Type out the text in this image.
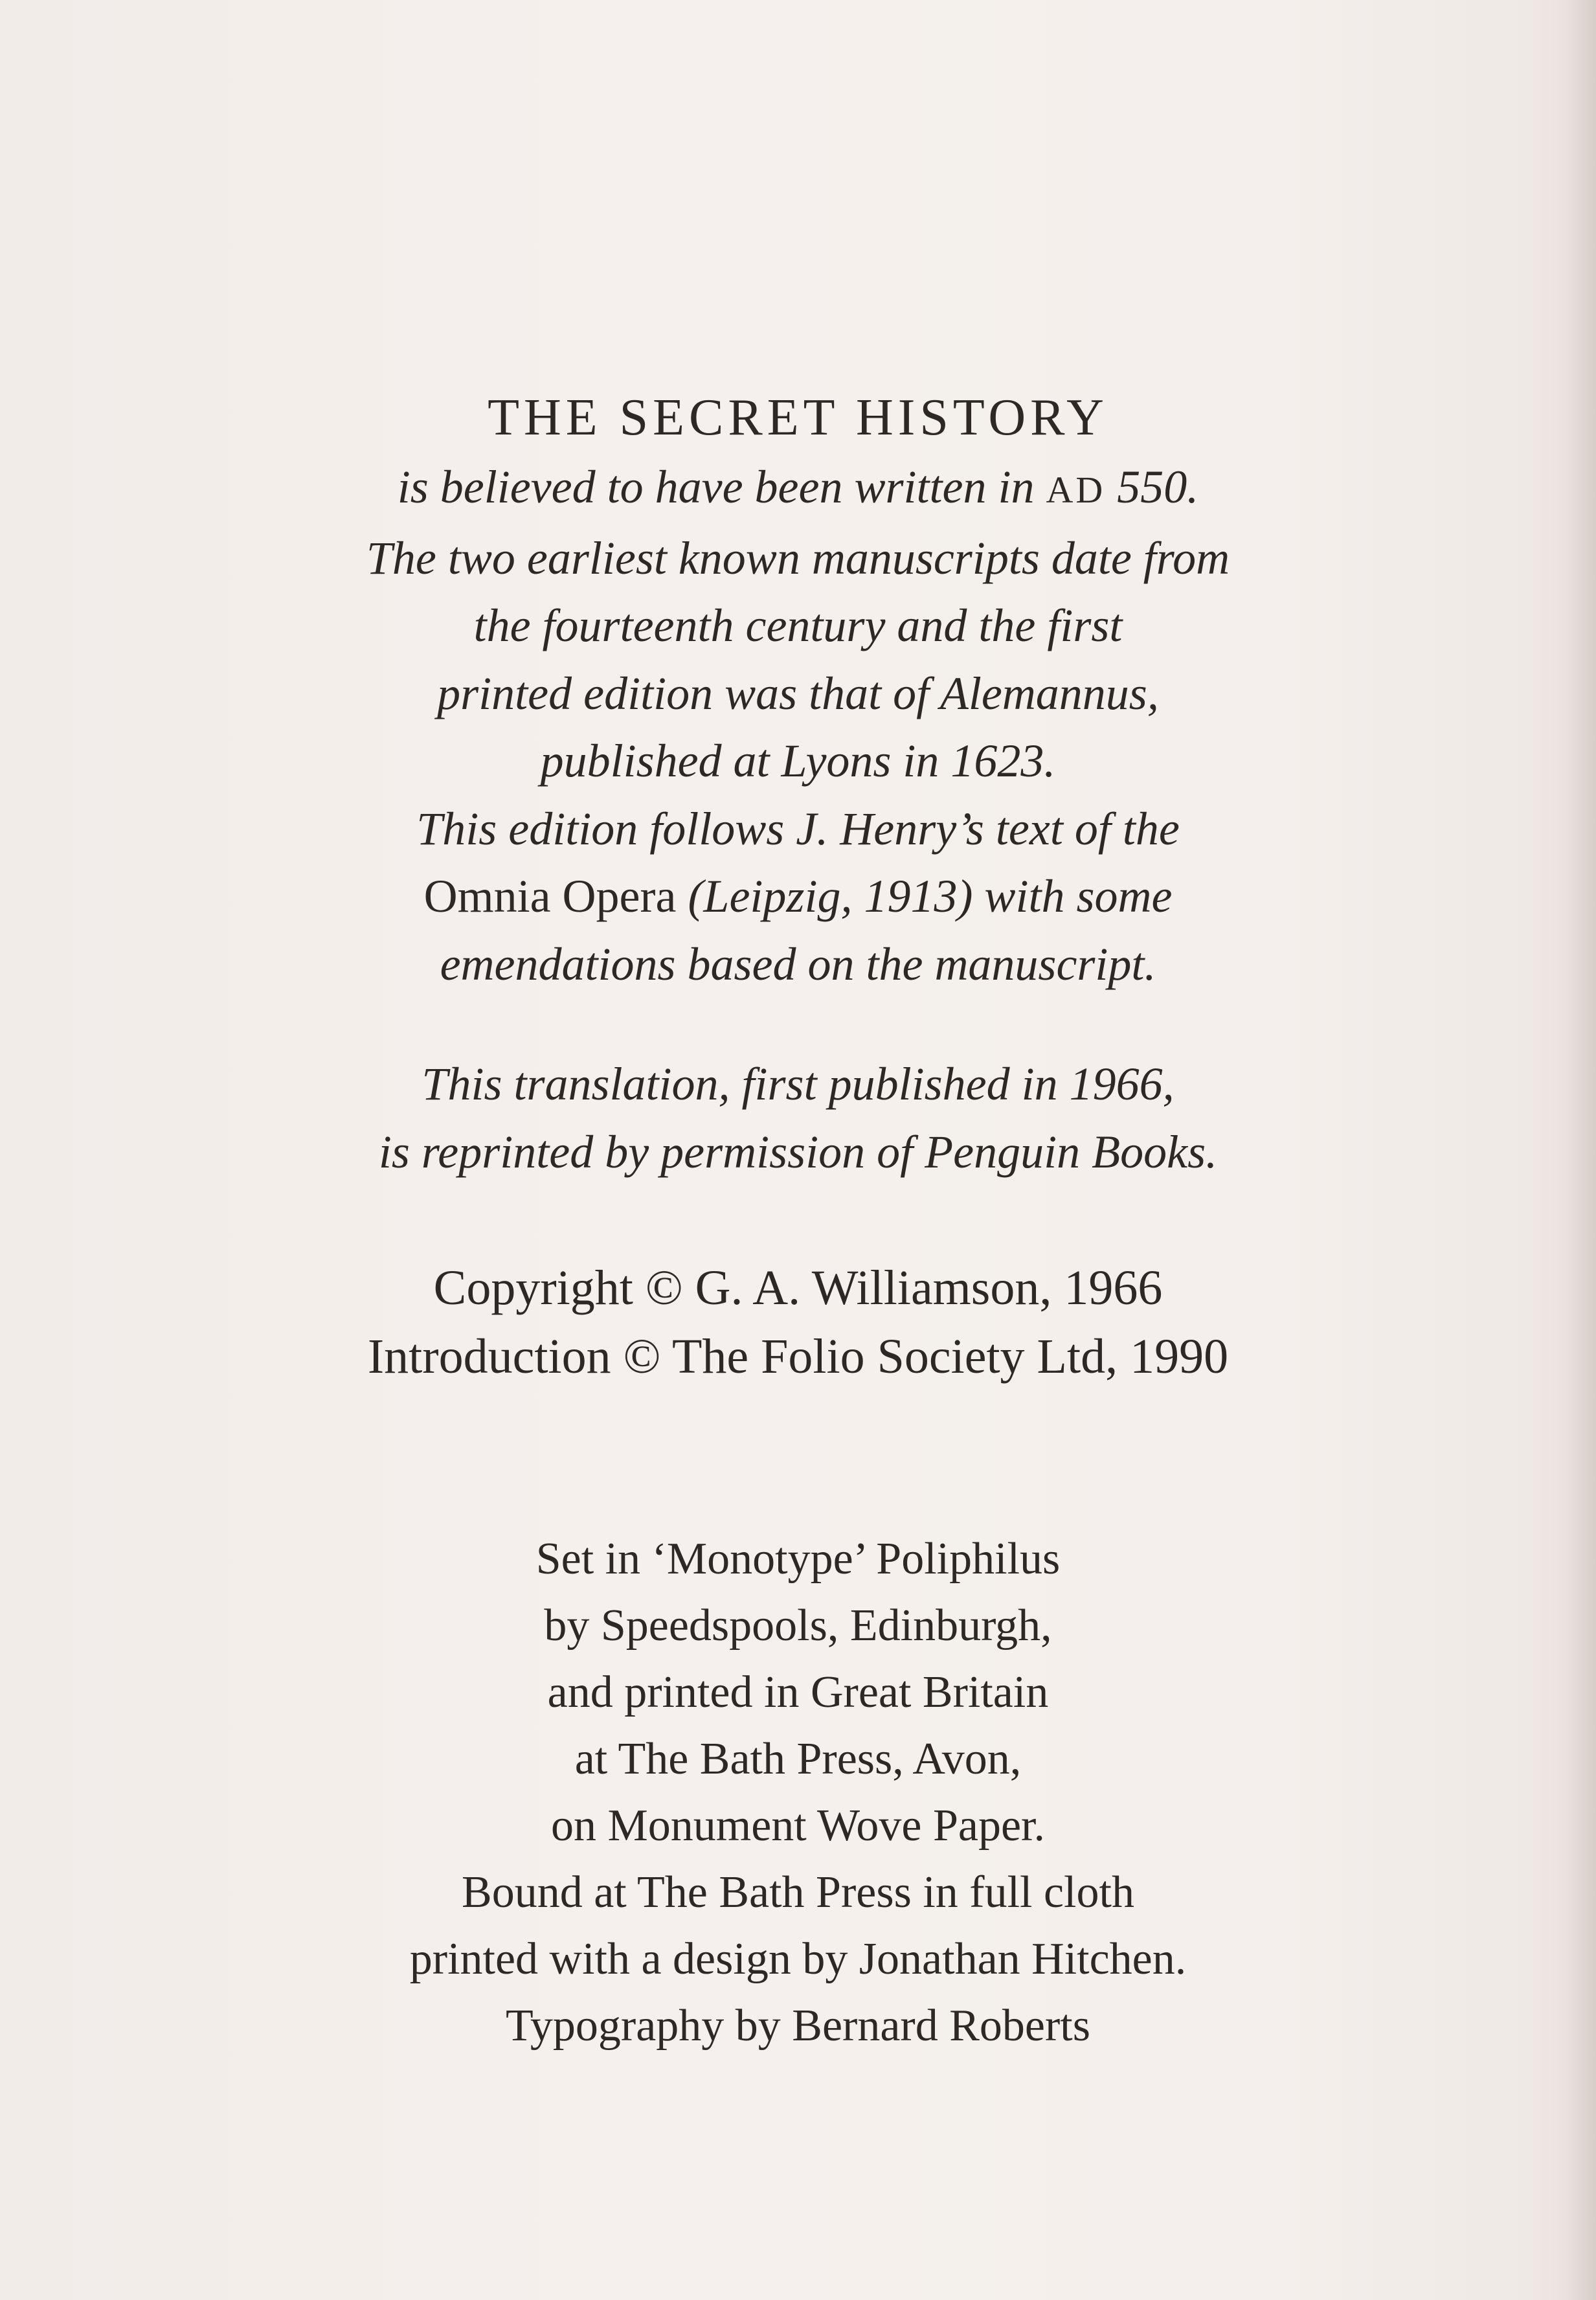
THE SECRET HISTORY
is believed to have been written in AD 550.
The two earliest known manuscripts date from
the fourteenth century and the first
printed edition was that of Alemannus,
published at Lyons in 1623.
This edition follows J. Henry’s text of the
Omnia Opera (Leipzig, 1913) with some
emendations based on the manuscript.
This translation, first published in 1966,
is reprinted by permission of Penguin Books.
Copyright © G. A. Williamson, 1966
Introduction © The Folio Society Ltd, 1990
Set in ‘Monotype’ Poliphilus
by Speedspools, Edinburgh,
and printed in Great Britain
at The Bath Press, Avon,
on Monument Wove Paper.
Bound at The Bath Press in full cloth
printed with a design by Jonathan Hitchen.
Typography by Bernard Roberts
